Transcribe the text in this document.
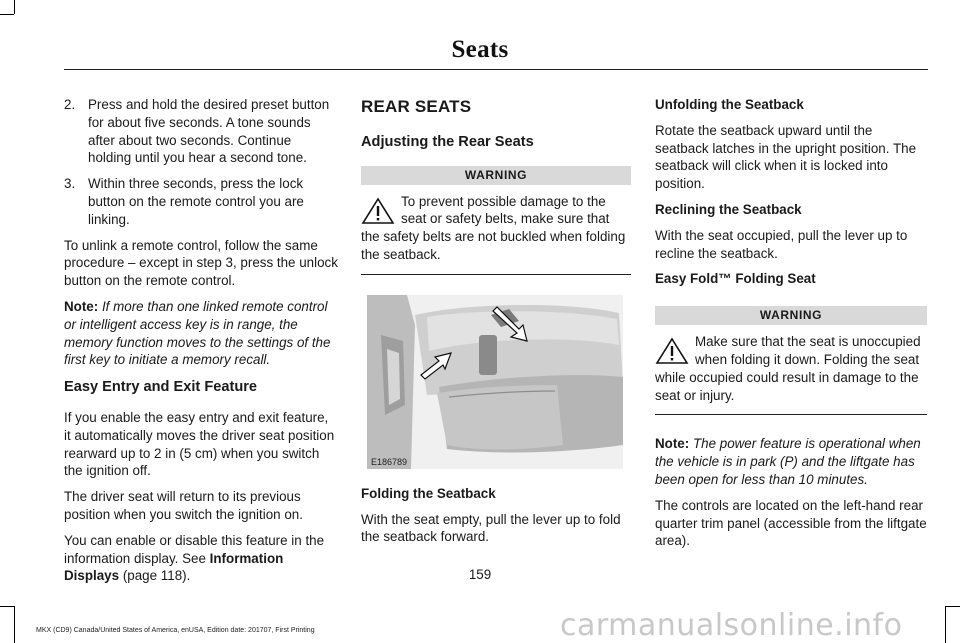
Seats
2. Press and hold the desired preset button for about five seconds. A tone sounds after about two seconds. Continue holding until you hear a second tone.
3. Within three seconds, press the lock button on the remote control you are linking.

To unlink a remote control, follow the same procedure – except in step 3, press the unlock button on the remote control.

Note: If more than one linked remote control or intelligent access key is in range, the memory function moves to the settings of the first key to initiate a memory recall.

Easy Entry and Exit Feature

If you enable the easy entry and exit feature, it automatically moves the driver seat position rearward up to 2 in (5 cm) when you switch the ignition off.

The driver seat will return to its previous position when you switch the ignition on.

You can enable or disable this feature in the information display. See Information Displays (page 118).

REAR SEATS
Adjusting the Rear Seats
WARNING
To prevent possible damage to the seat or safety belts, make sure that the safety belts are not buckled when folding the seatback.
E186789
Folding the Seatback

With the seat empty, pull the lever up to fold the seatback forward.

Unfolding the Seatback

Rotate the seatback upward until the seatback latches in the upright position. The seatback will click when it is locked into position.

Reclining the Seatback

With the seat occupied, pull the lever up to recline the seatback.

Easy Fold™ Folding Seat
WARNING
Make sure that the seat is unoccupied when folding it down. Folding the seat while occupied could result in damage to the seat or injury.

Note: The power feature is operational when the vehicle is in park (P) and the liftgate has been open for less than 10 minutes.

The controls are located on the left-hand rear quarter trim panel (accessible from the liftgate area).

159
MKX (CD9) Canada/United States of America, enUSA, Edition date: 201707, First Printing	carmanualsonline.info
